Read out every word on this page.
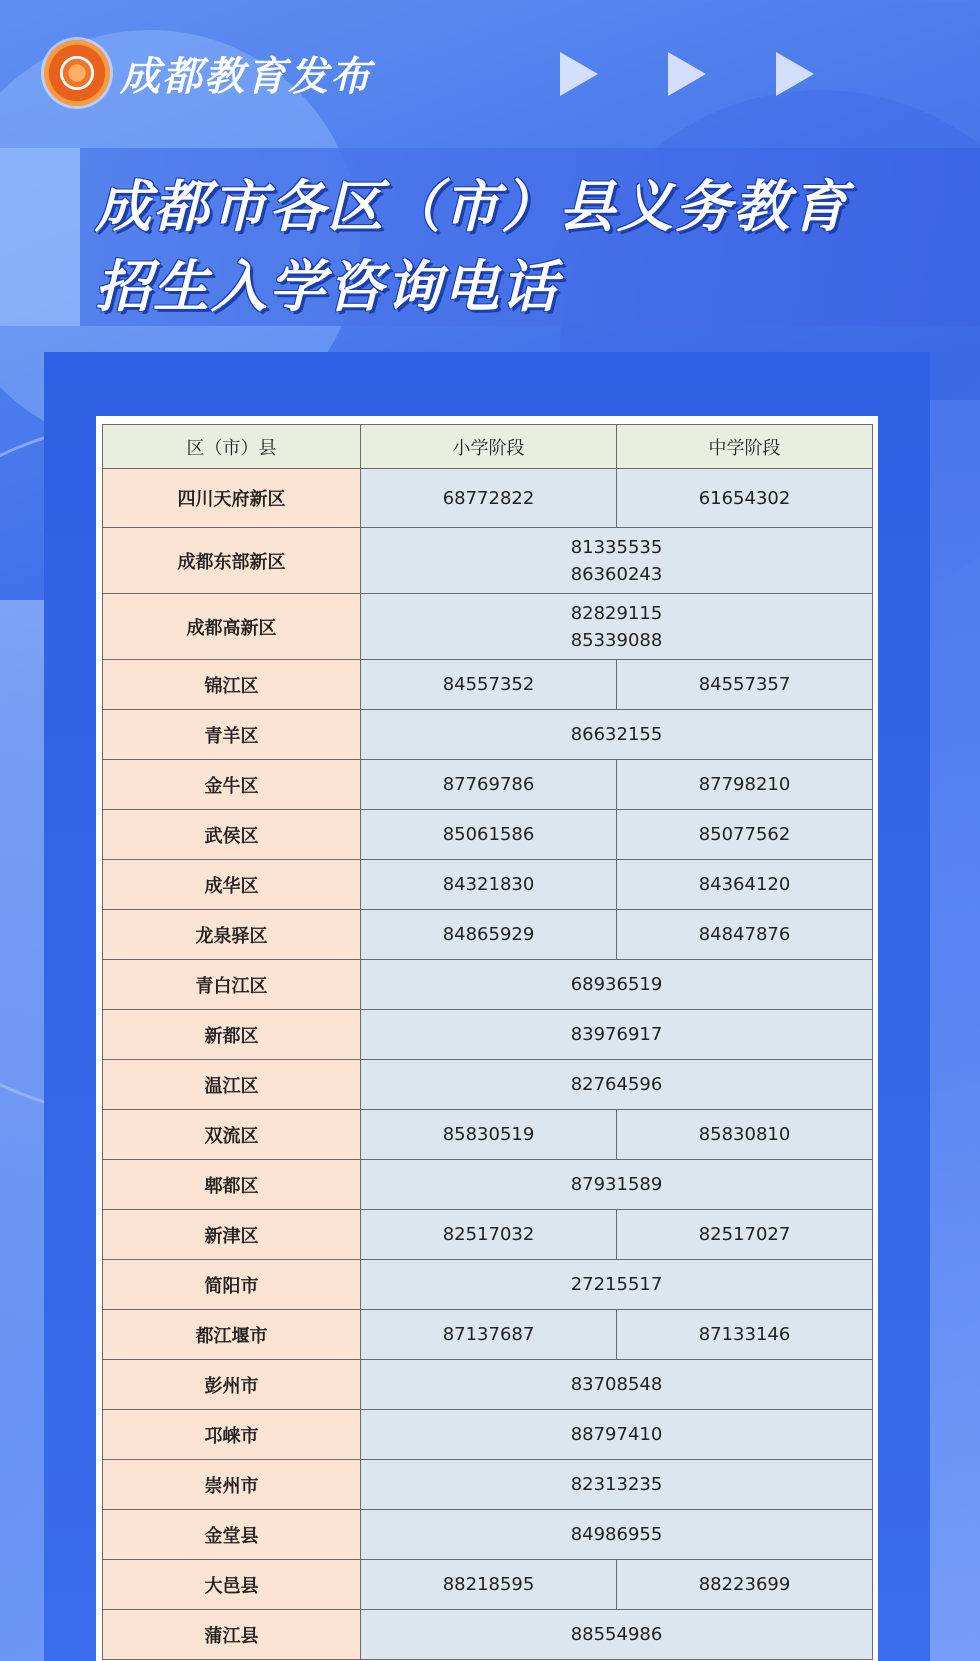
成都教育发布
成都市各区（市）县义务教育
招生入学咨询电话
区（市）县	小学阶段	中学阶段
四川天府新区	68772822	61654302
成都东部新区	81335535
86360243	

成都高新区	82829115
85339088	

锦江区	84557352	84557357
青羊区	86632155	
金牛区	87769786	87798210
武侯区	85061586	85077562
成华区	84321830	84364120
龙泉驿区	84865929	84847876
青白江区	68936519	
新都区	83976917	
温江区	82764596	
双流区	85830519	85830810
郫都区	87931589	
新津区	82517032	82517027
简阳市	27215517	
都江堰市	87137687	87133146
彭州市	83708548	
邛崃市	88797410	
崇州市	82313235	
金堂县	84986955	
大邑县	88218595	88223699
蒲江县	88554986	
